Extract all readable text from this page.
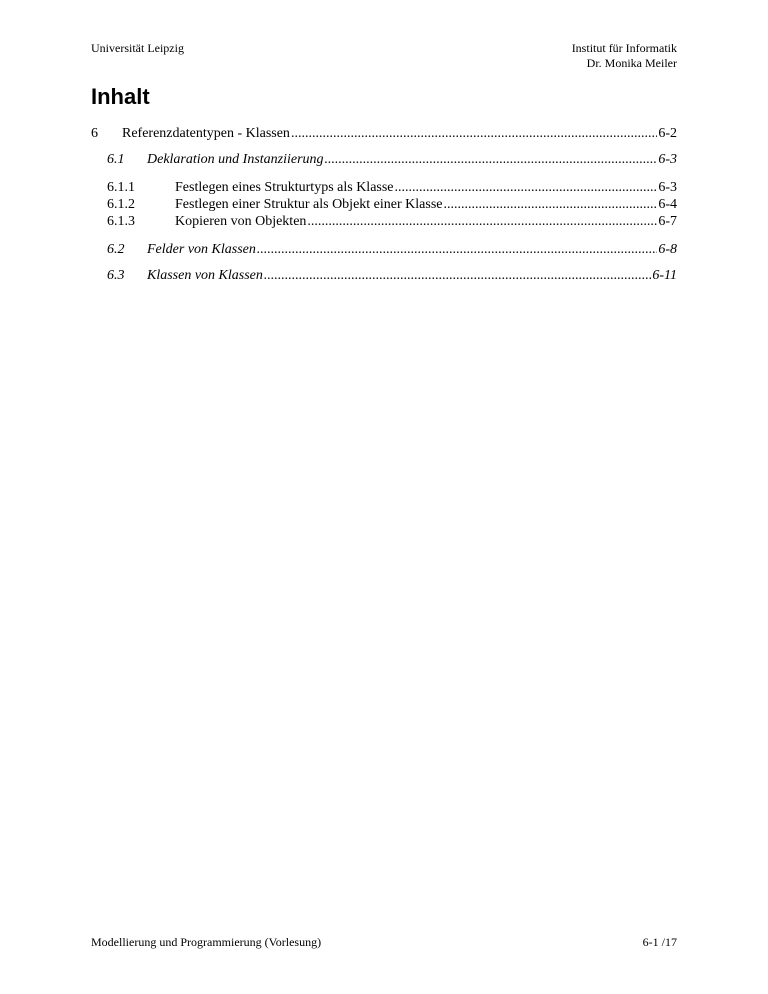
Universität Leipzig	Institut für Informatik
Dr. Monika Meiler
Inhalt
6	Referenzdatentypen - Klassen .....	6-2
6.1	Deklaration und Instanziierung .....	6-3
6.1.1	Festlegen eines Strukturtyps als Klasse .....	6-3
6.1.2	Festlegen einer Struktur als Objekt einer Klasse .....	6-4
6.1.3	Kopieren von Objekten .....	6-7
6.2	Felder von Klassen .....	6-8
6.3	Klassen von Klassen .....	6-11
Modellierung und Programmierung (Vorlesung)	6-1 /17
